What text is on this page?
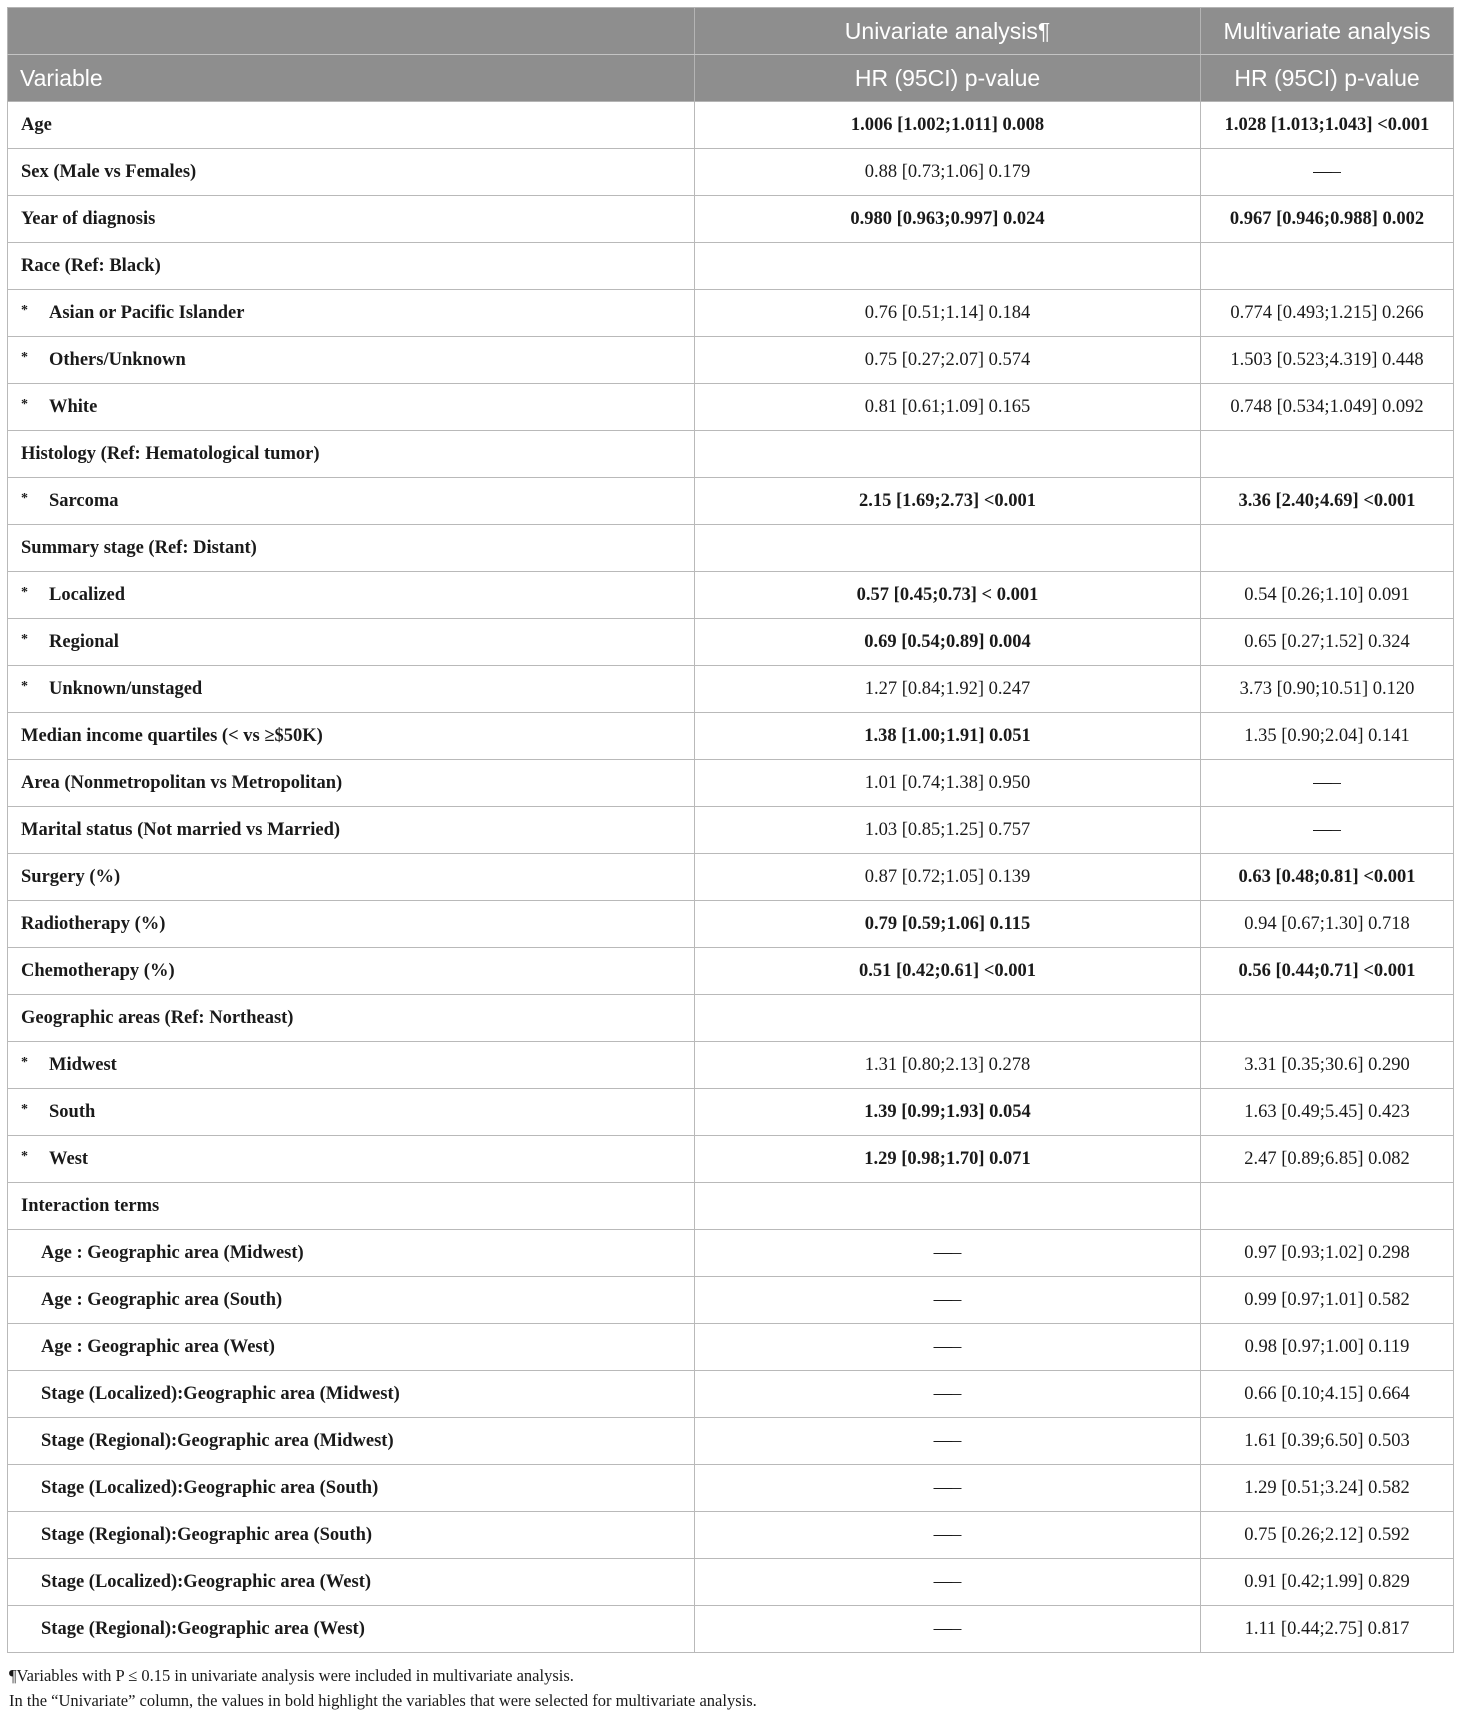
	Univariate analysis¶	Multivariate analysis
Variable	HR (95CI) p-value	HR (95CI) p-value
Age	1.006 [1.002;1.011] 0.008	1.028 [1.013;1.043] <0.001
Sex (Male vs Females)	0.88 [0.73;1.06] 0.179	—–
Year of diagnosis	0.980 [0.963;0.997] 0.024	0.967 [0.946;0.988] 0.002
Race (Ref: Black)		
* Asian or Pacific Islander	0.76 [0.51;1.14] 0.184	0.774 [0.493;1.215] 0.266
* Others/Unknown	0.75 [0.27;2.07] 0.574	1.503 [0.523;4.319] 0.448
* White	0.81 [0.61;1.09] 0.165	0.748 [0.534;1.049] 0.092
Histology (Ref: Hematological tumor)		
* Sarcoma	2.15 [1.69;2.73] <0.001	3.36 [2.40;4.69] <0.001
Summary stage (Ref: Distant)		
* Localized	0.57 [0.45;0.73] < 0.001	0.54 [0.26;1.10] 0.091
* Regional	0.69 [0.54;0.89] 0.004	0.65 [0.27;1.52] 0.324
* Unknown/unstaged	1.27 [0.84;1.92] 0.247	3.73 [0.90;10.51] 0.120
Median income quartiles (< vs ≥$50K)	1.38 [1.00;1.91] 0.051	1.35 [0.90;2.04] 0.141
Area (Nonmetropolitan vs Metropolitan)	1.01 [0.74;1.38] 0.950	—–
Marital status (Not married vs Married)	1.03 [0.85;1.25] 0.757	—–
Surgery (%)	0.87 [0.72;1.05] 0.139	0.63 [0.48;0.81] <0.001
Radiotherapy (%)	0.79 [0.59;1.06] 0.115	0.94 [0.67;1.30] 0.718
Chemotherapy (%)	0.51 [0.42;0.61] <0.001	0.56 [0.44;0.71] <0.001
Geographic areas (Ref: Northeast)		
* Midwest	1.31 [0.80;2.13] 0.278	3.31 [0.35;30.6] 0.290
* South	1.39 [0.99;1.93] 0.054	1.63 [0.49;5.45] 0.423
* West	1.29 [0.98;1.70] 0.071	2.47 [0.89;6.85] 0.082
Interaction terms		
Age : Geographic area (Midwest)	—–	0.97 [0.93;1.02] 0.298
Age : Geographic area (South)	—–	0.99 [0.97;1.01] 0.582
Age : Geographic area (West)	—–	0.98 [0.97;1.00] 0.119
Stage (Localized):Geographic area (Midwest)	—–	0.66 [0.10;4.15] 0.664
Stage (Regional):Geographic area (Midwest)	—–	1.61 [0.39;6.50] 0.503
Stage (Localized):Geographic area (South)	—–	1.29 [0.51;3.24] 0.582
Stage (Regional):Geographic area (South)	—–	0.75 [0.26;2.12] 0.592
Stage (Localized):Geographic area (West)	—–	0.91 [0.42;1.99] 0.829
Stage (Regional):Geographic area (West)	—–	1.11 [0.44;2.75] 0.817
¶Variables with P ≤ 0.15 in univariate analysis were included in multivariate analysis.
In the “Univariate” column, the values in bold highlight the variables that were selected for multivariate analysis.
